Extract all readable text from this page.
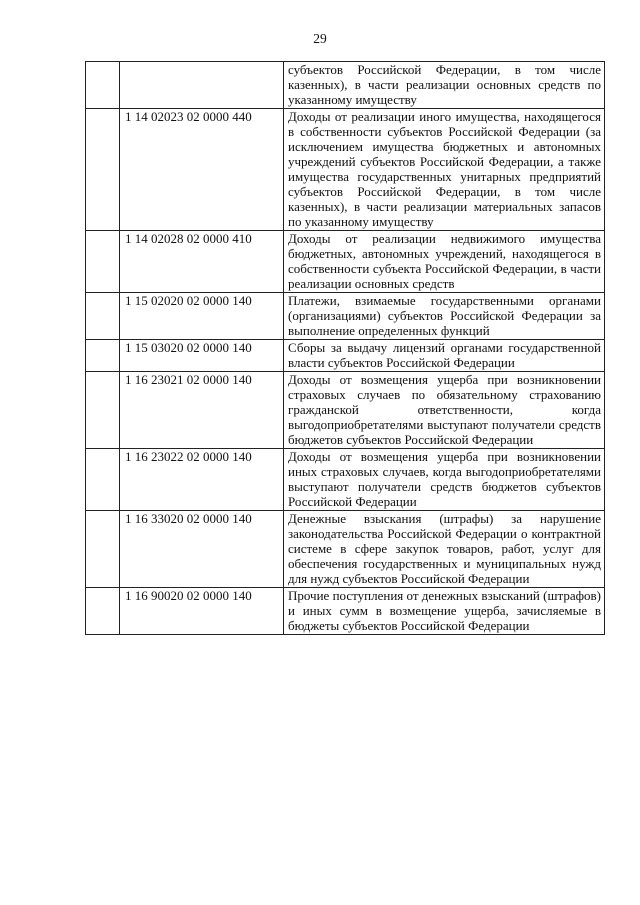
29
		субъектов Российской Федерации, в том числе казенных), в части реализации основных средств по указанному имуществу
	1 14 02023 02 0000 440	Доходы от реализации иного имущества, находящегося в собственности субъектов Российской Федерации (за исключением имущества бюджетных и автономных учреждений субъектов Российской Федерации, а также имущества государственных унитарных предприятий субъектов Российской Федерации, в том числе казенных), в части реализации материальных запасов по указанному имуществу
	1 14 02028 02 0000 410	Доходы от реализации недвижимого имущества бюджетных, автономных учреждений, находящегося в собственности субъекта Российской Федерации, в части реализации основных средств
	1 15 02020 02 0000 140	Платежи, взимаемые государственными органами (организациями) субъектов Российской Федерации за выполнение определенных функций
	1 15 03020 02 0000 140	Сборы за выдачу лицензий органами государственной власти субъектов Российской Федерации
	1 16 23021 02 0000 140	Доходы от возмещения ущерба при возникновении страховых случаев по обязательному страхованию гражданской ответственности, когда выгодоприобретателями выступают получатели средств бюджетов субъектов Российской Федерации
	1 16 23022 02 0000 140	Доходы от возмещения ущерба при возникновении иных страховых случаев, когда выгодоприобретателями выступают получатели средств бюджетов субъектов Российской Федерации
	1 16 33020 02 0000 140	Денежные взыскания (штрафы) за нарушение законодательства Российской Федерации о контрактной системе в сфере закупок товаров, работ, услуг для обеспечения государственных и муниципальных нужд для нужд субъектов Российской Федерации
	1 16 90020 02 0000 140	Прочие поступления от денежных взысканий (штрафов) и иных сумм в возмещение ущерба, зачисляемые в бюджеты субъектов Российской Федерации
